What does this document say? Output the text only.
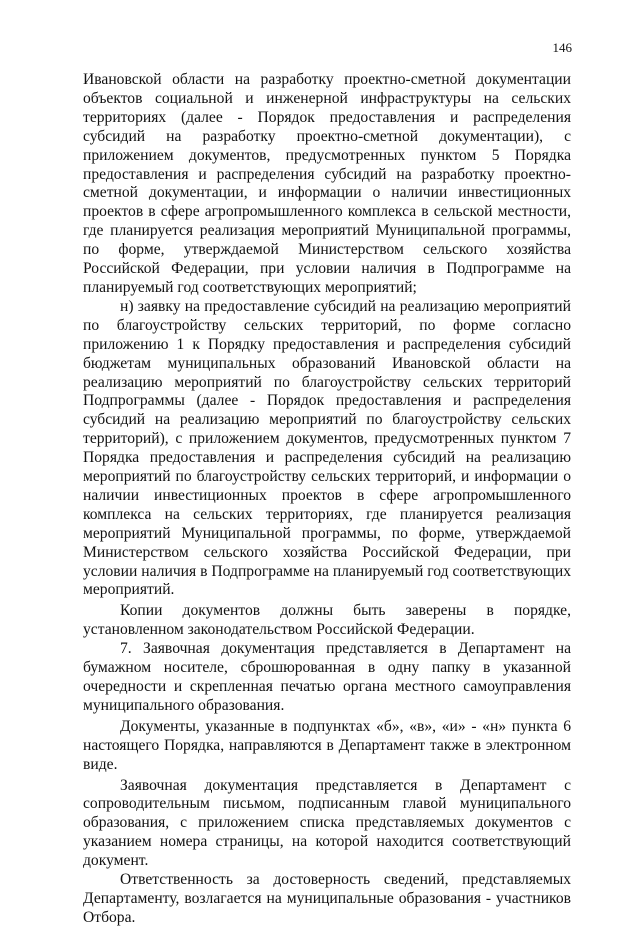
146

Ивановской области на разработку проектно-сметной документации объектов социальной и инженерной инфраструктуры на сельских территориях (далее - Порядок предоставления и распределения субсидий на разработку проектно-сметной документации), с приложением документов, предусмотренных пунктом 5 Порядка предоставления и распределения субсидий на разработку проектно-сметной документации, и информации о наличии инвестиционных проектов в сфере агропромышленного комплекса в сельской местности, где планируется реализация мероприятий Муниципальной программы, по форме, утверждаемой Министерством сельского хозяйства Российской Федерации, при условии наличия в Подпрограмме на планируемый год соответствующих мероприятий;

н) заявку на предоставление субсидий на реализацию мероприятий по благоустройству сельских территорий, по форме согласно приложению 1 к Порядку предоставления и распределения субсидий бюджетам муниципальных образований Ивановской области на реализацию мероприятий по благоустройству сельских территорий Подпрограммы (далее - Порядок предоставления и распределения субсидий на реализацию мероприятий по благоустройству сельских территорий), с приложением документов, предусмотренных пунктом 7 Порядка предоставления и распределения субсидий на реализацию мероприятий по благоустройству сельских территорий, и информации о наличии инвестиционных проектов в сфере агропромышленного комплекса на сельских территориях, где планируется реализация мероприятий Муниципальной программы, по форме, утверждаемой Министерством сельского хозяйства Российской Федерации, при условии наличия в Подпрограмме на планируемый год соответствующих мероприятий.

Копии документов должны быть заверены в порядке, установленном законодательством Российской Федерации.

7. Заявочная документация представляется в Департамент на бумажном носителе, сброшюрованная в одну папку в указанной очередности и скрепленная печатью органа местного самоуправления муниципального образования.

Документы, указанные в подпунктах «б», «в», «и» - «н» пункта 6 настоящего Порядка, направляются в Департамент также в электронном виде.

Заявочная документация представляется в Департамент с сопроводительным письмом, подписанным главой муниципального образования, с приложением списка представляемых документов с указанием номера страницы, на которой находится соответствующий документ.

Ответственность за достоверность сведений, представляемых Департаменту, возлагается на муниципальные образования - участников Отбора.
